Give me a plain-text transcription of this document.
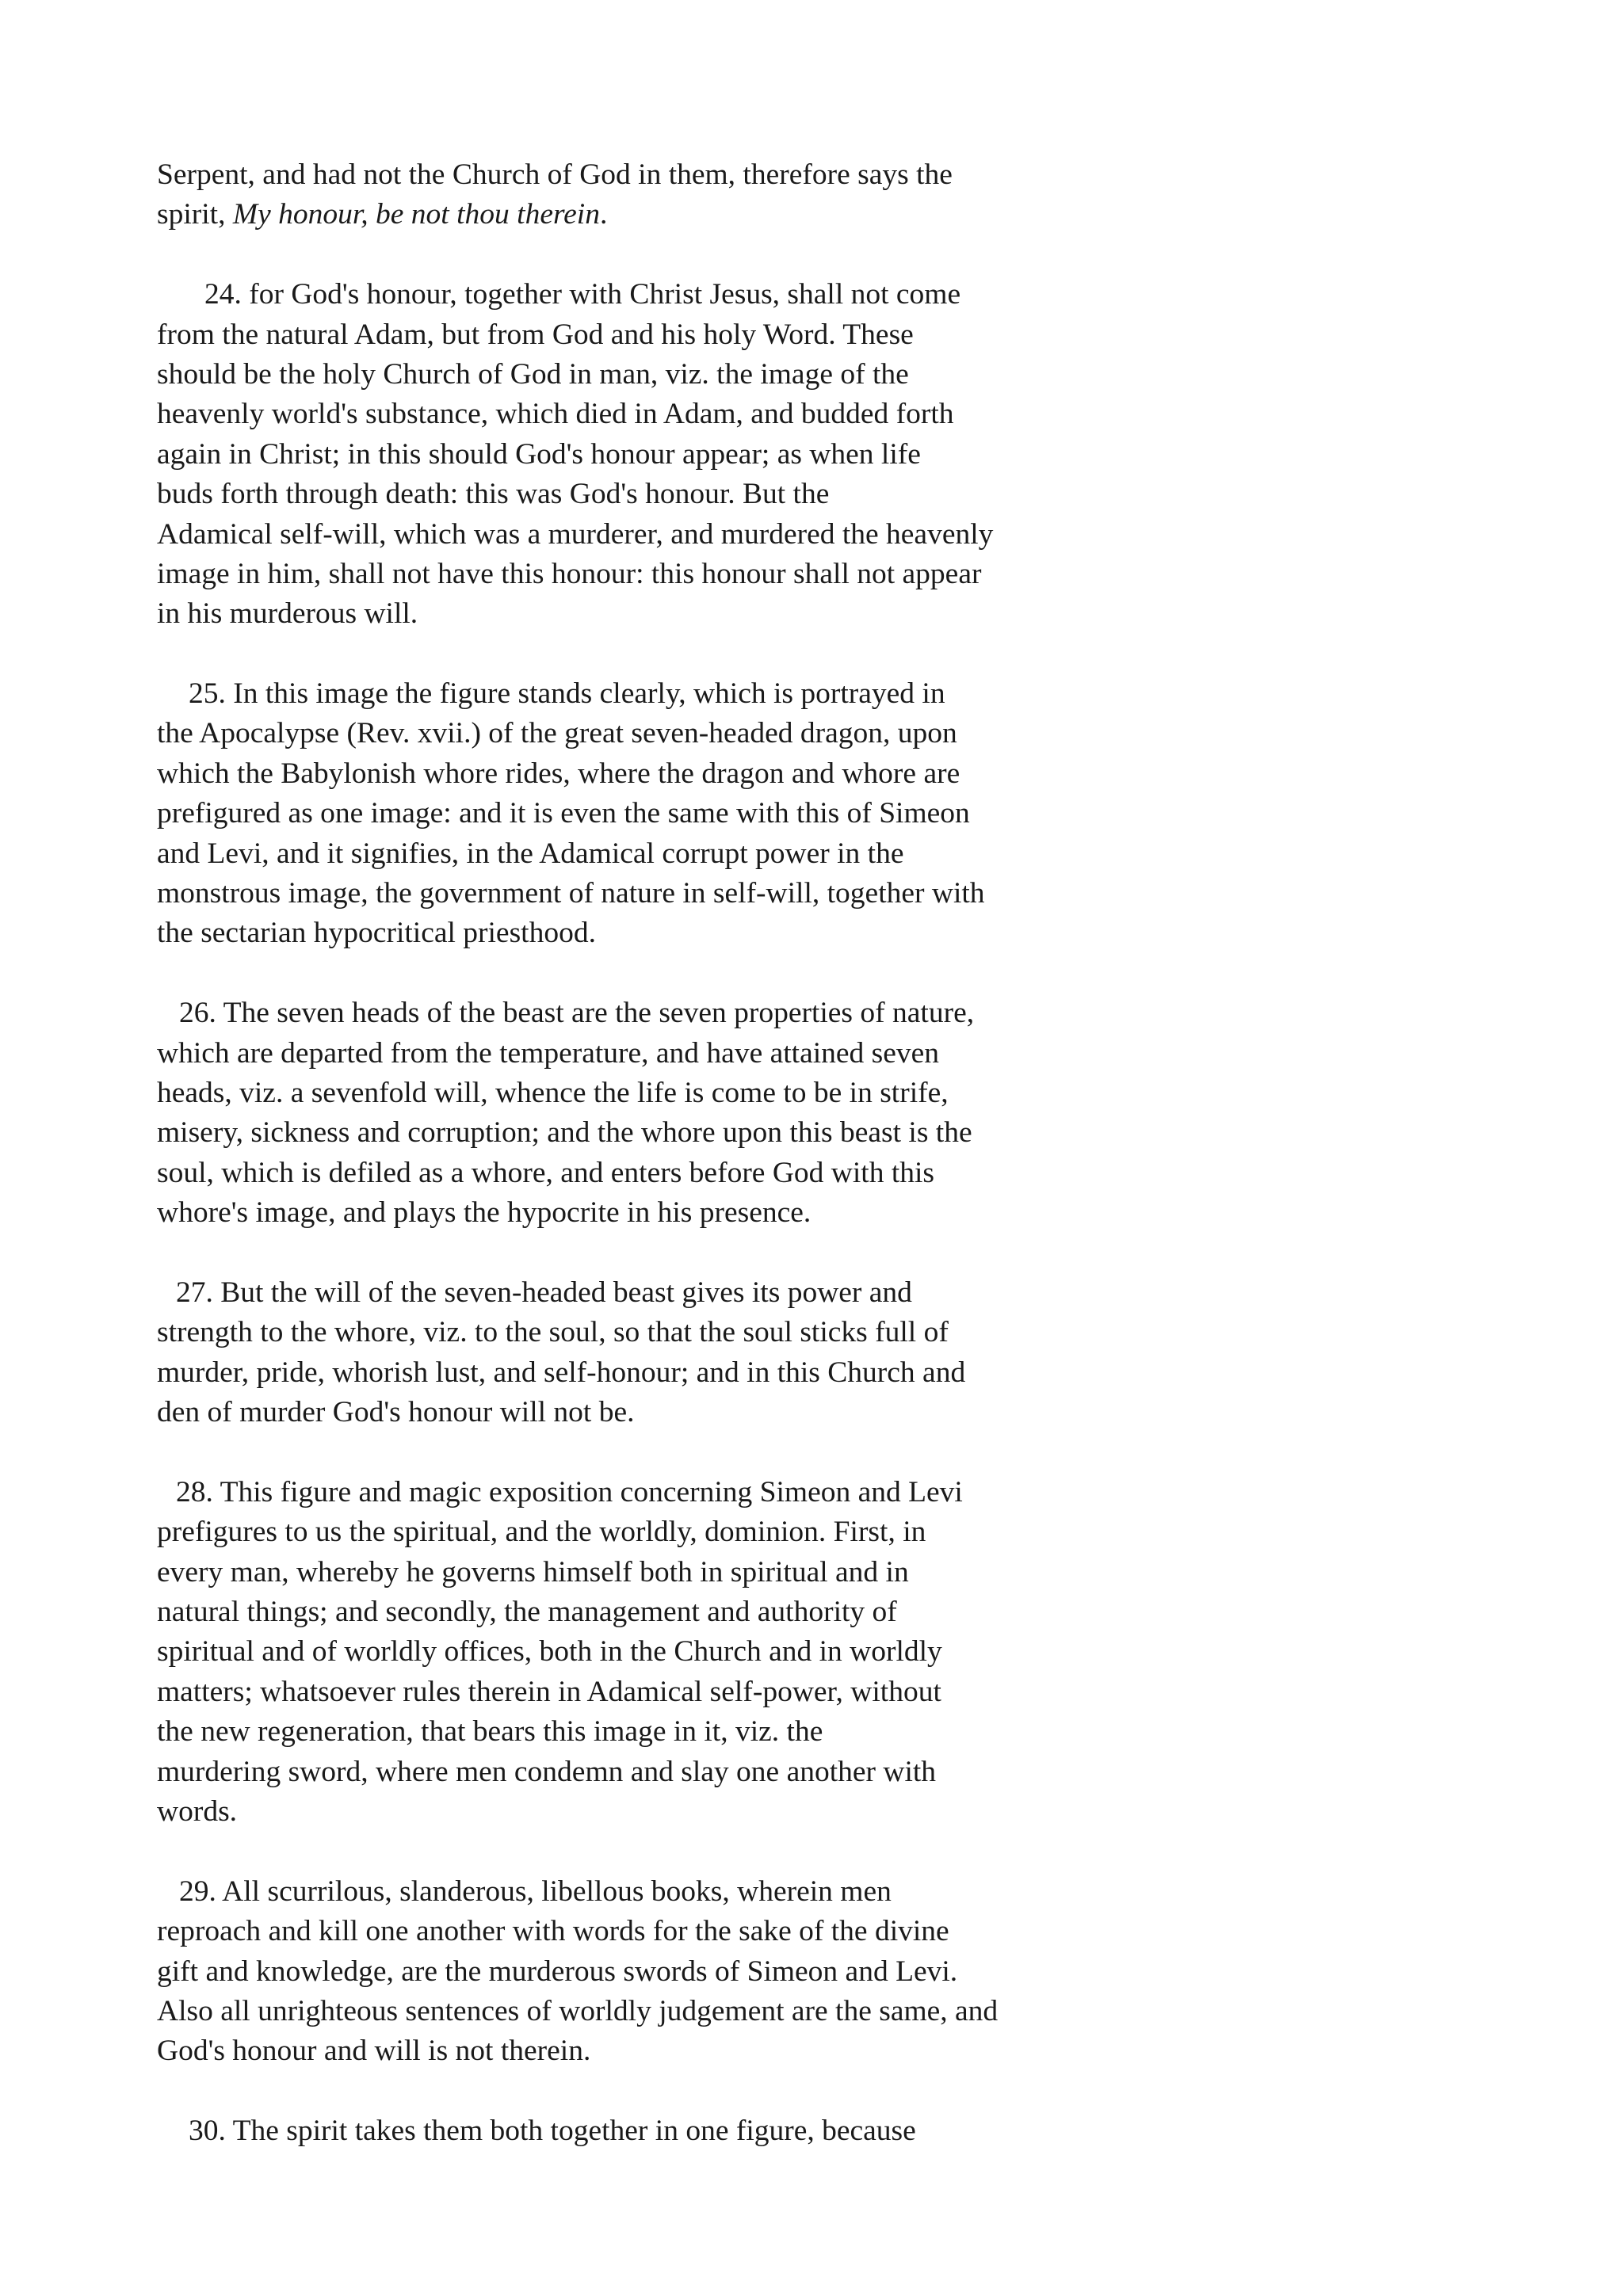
Serpent, and had not the Church of God in them, therefore says the
spirit, My honour, be not thou therein.

24. for God's honour, together with Christ Jesus, shall not come
from the natural Adam, but from God and his holy Word. These
should be the holy Church of God in man, viz. the image of the
heavenly world's substance, which died in Adam, and budded forth
again in Christ; in this should God's honour appear; as when life
buds forth through death: this was God's honour. But the
Adamical self-will, which was a murderer, and murdered the heavenly
image in him, shall not have this honour: this honour shall not appear
in his murderous will.

25. In this image the figure stands clearly, which is portrayed in
the Apocalypse (Rev. xvii.) of the great seven-headed dragon, upon
which the Babylonish whore rides, where the dragon and whore are
prefigured as one image: and it is even the same with this of Simeon
and Levi, and it signifies, in the Adamical corrupt power in the
monstrous image, the government of nature in self-will, together with
the sectarian hypocritical priesthood.

26. The seven heads of the beast are the seven properties of nature,
which are departed from the temperature, and have attained seven
heads, viz. a sevenfold will, whence the life is come to be in strife,
misery, sickness and corruption; and the whore upon this beast is the
soul, which is defiled as a whore, and enters before God with this
whore's image, and plays the hypocrite in his presence.

27. But the will of the seven-headed beast gives its power and
strength to the whore, viz. to the soul, so that the soul sticks full of
murder, pride, whorish lust, and self-honour; and in this Church and
den of murder God's honour will not be.

28. This figure and magic exposition concerning Simeon and Levi
prefigures to us the spiritual, and the worldly, dominion. First, in
every man, whereby he governs himself both in spiritual and in
natural things; and secondly, the management and authority of
spiritual and of worldly offices, both in the Church and in worldly
matters; whatsoever rules therein in Adamical self-power, without
the new regeneration, that bears this image in it, viz. the
murdering sword, where men condemn and slay one another with
words.

29. All scurrilous, slanderous, libellous books, wherein men
reproach and kill one another with words for the sake of the divine
gift and knowledge, are the murderous swords of Simeon and Levi.
Also all unrighteous sentences of worldly judgement are the same, and
God's honour and will is not therein.

30. The spirit takes them both together in one figure, because
